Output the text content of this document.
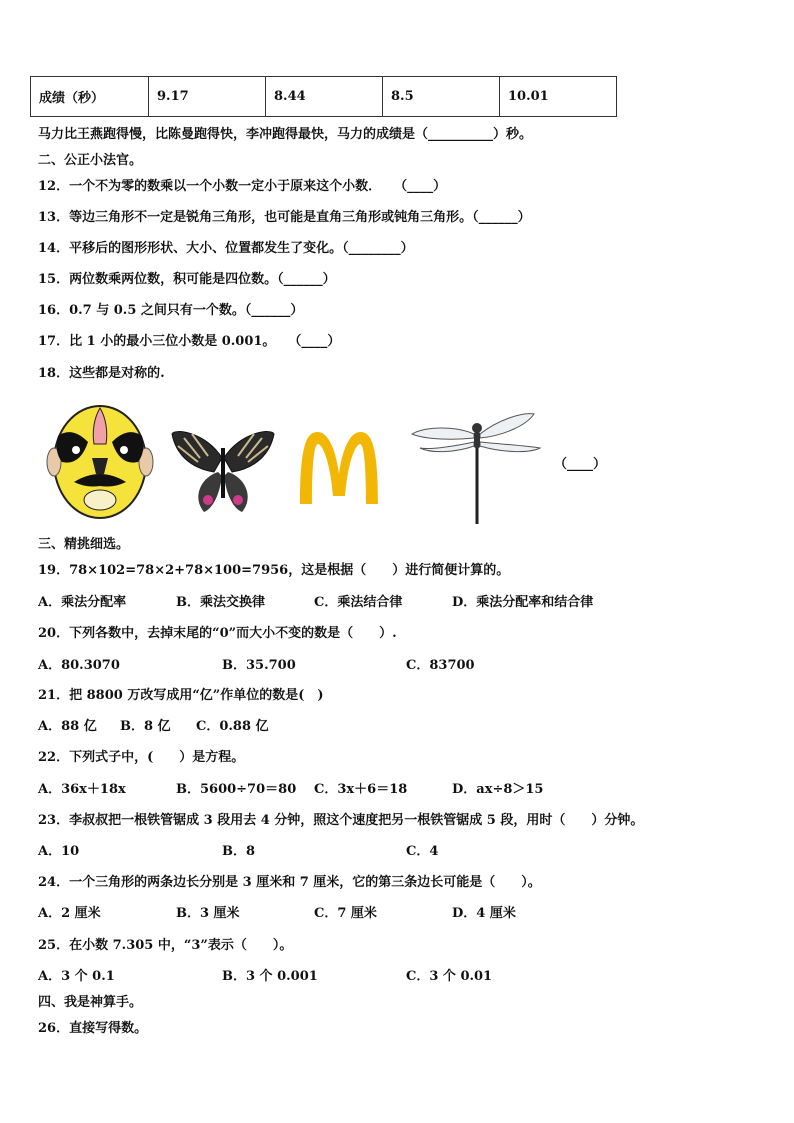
成绩（秒）	9.17	8.44	8.5	10.01
马力比王燕跑得慢，比陈曼跑得快，李冲跑得最快，马力的成绩是（__________）秒。
二、公正小法官。
12．一个不为零的数乘以一个小数一定小于原来这个小数．　　（____）
13．等边三角形不一定是锐角三角形，也可能是直角三角形或钝角三角形。（______）
14．平移后的图形形状、大小、位置都发生了变化。（________）
15．两位数乘两位数，积可能是四位数。（______）
16．0.7 与 0.5 之间只有一个数。（______）
17．比 1 小的最小三位小数是 0.001。　　（____）
18．这些都是对称的.
（____）
三、精挑细选。
19．78×102=78×2+78×100=7956，这是根据（　　）进行简便计算的。
A．乘法分配率	B．乘法交换律	C．乘法结合律	D．乘法分配率和结合律
20．下列各数中，去掉末尾的“0”而大小不变的数是（　　）.
A．80.3070	B．35.700	C．83700
21．把 8800 万改写成用“亿”作单位的数是(　)
A．88 亿 B．8 亿 C．0.88 亿
22．下列式子中，(　　）是方程。
A．36x＋18x	B．5600÷70＝80 C．3x＋6＝18	D．ax÷8＞15
23．李叔叔把一根铁管锯成 3 段用去 4 分钟，照这个速度把另一根铁管锯成 5 段，用时（　　）分钟。
A．10	B．8	C．4
24．一个三角形的两条边长分别是 3 厘米和 7 厘米，它的第三条边长可能是（　　）。
A．2 厘米	B．3 厘米	C．7 厘米	D．4 厘米
25．在小数 7.305 中，“3”表示（　　）。
A．3 个 0.1	B．3 个 0.001	C．3 个 0.01
四、我是神算手。
26．直接写得数。
